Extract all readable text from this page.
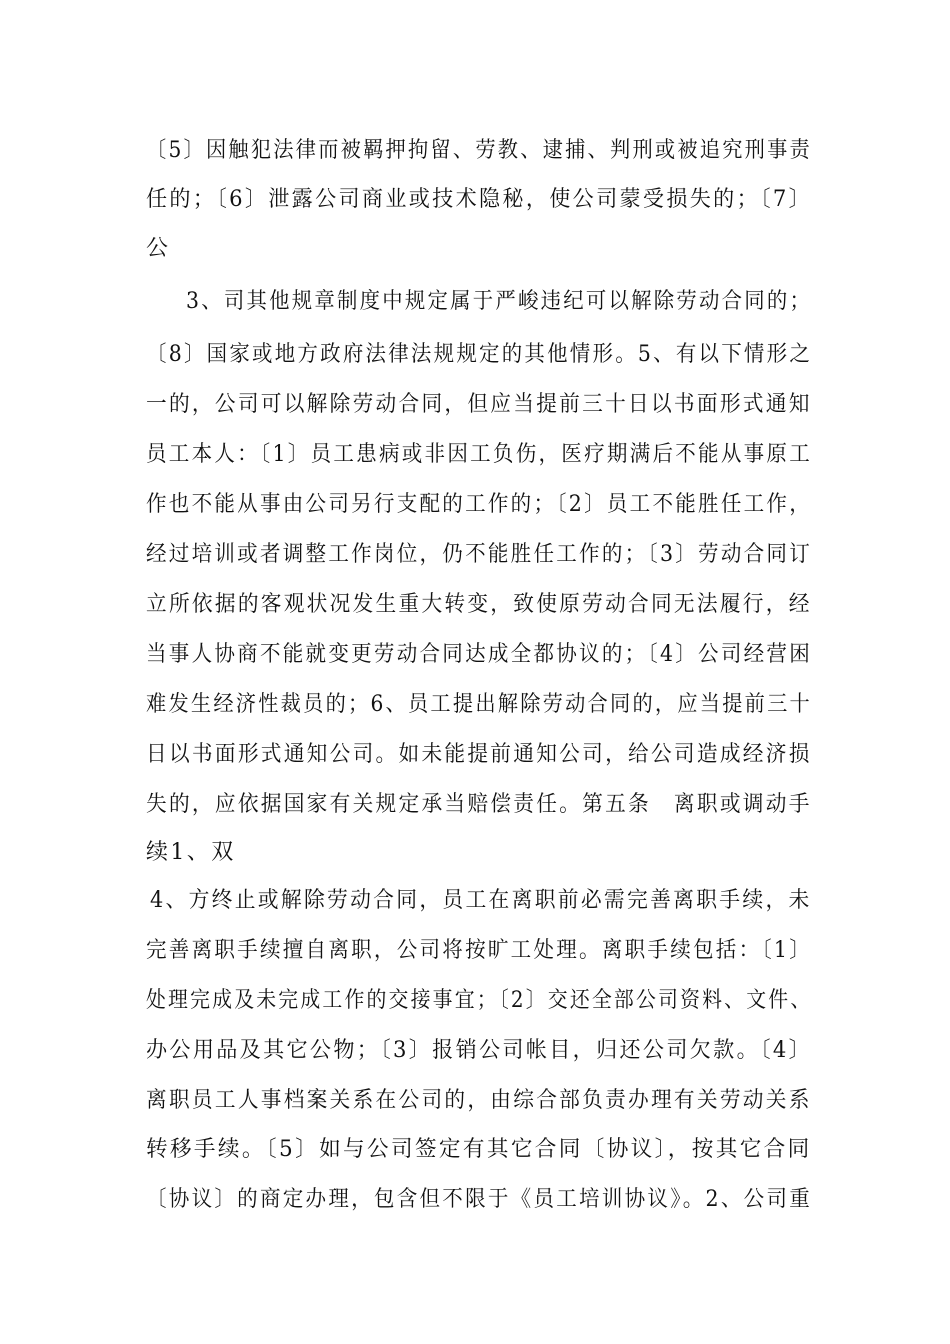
〔5〕因触犯法律而被羁押拘留、劳教、逮捕、判刑或被追究刑事责
任的；〔6〕泄露公司商业或技术隐秘，使公司蒙受损失的；〔7〕
公
3、司其他规章制度中规定属于严峻违纪可以解除劳动合同的；
〔8〕国家或地方政府法律法规规定的其他情形。5、有以下情形之
一的，公司可以解除劳动合同，但应当提前三十日以书面形式通知
员工本人：〔1〕员工患病或非因工负伤，医疗期满后不能从事原工
作也不能从事由公司另行支配的工作的；〔2〕员工不能胜任工作，
经过培训或者调整工作岗位，仍不能胜任工作的；〔3〕劳动合同订
立所依据的客观状况发生重大转变，致使原劳动合同无法履行，经
当事人协商不能就变更劳动合同达成全都协议的；〔4〕公司经营困
难发生经济性裁员的；6、员工提出解除劳动合同的，应当提前三十
日以书面形式通知公司。如未能提前通知公司，给公司造成经济损
失的，应依据国家有关规定承当赔偿责任。第五条　离职或调动手
续1、双
4、方终止或解除劳动合同，员工在离职前必需完善离职手续，未
完善离职手续擅自离职，公司将按旷工处理。离职手续包括：〔1〕
处理完成及未完成工作的交接事宜；〔2〕交还全部公司资料、文件、
办公用品及其它公物；〔3〕报销公司帐目，归还公司欠款。〔4〕
离职员工人事档案关系在公司的，由综合部负责办理有关劳动关系
转移手续。〔5〕如与公司签定有其它合同〔协议〕，按其它合同
〔协议〕的商定办理，包含但不限于《员工培训协议》。2、公司重
